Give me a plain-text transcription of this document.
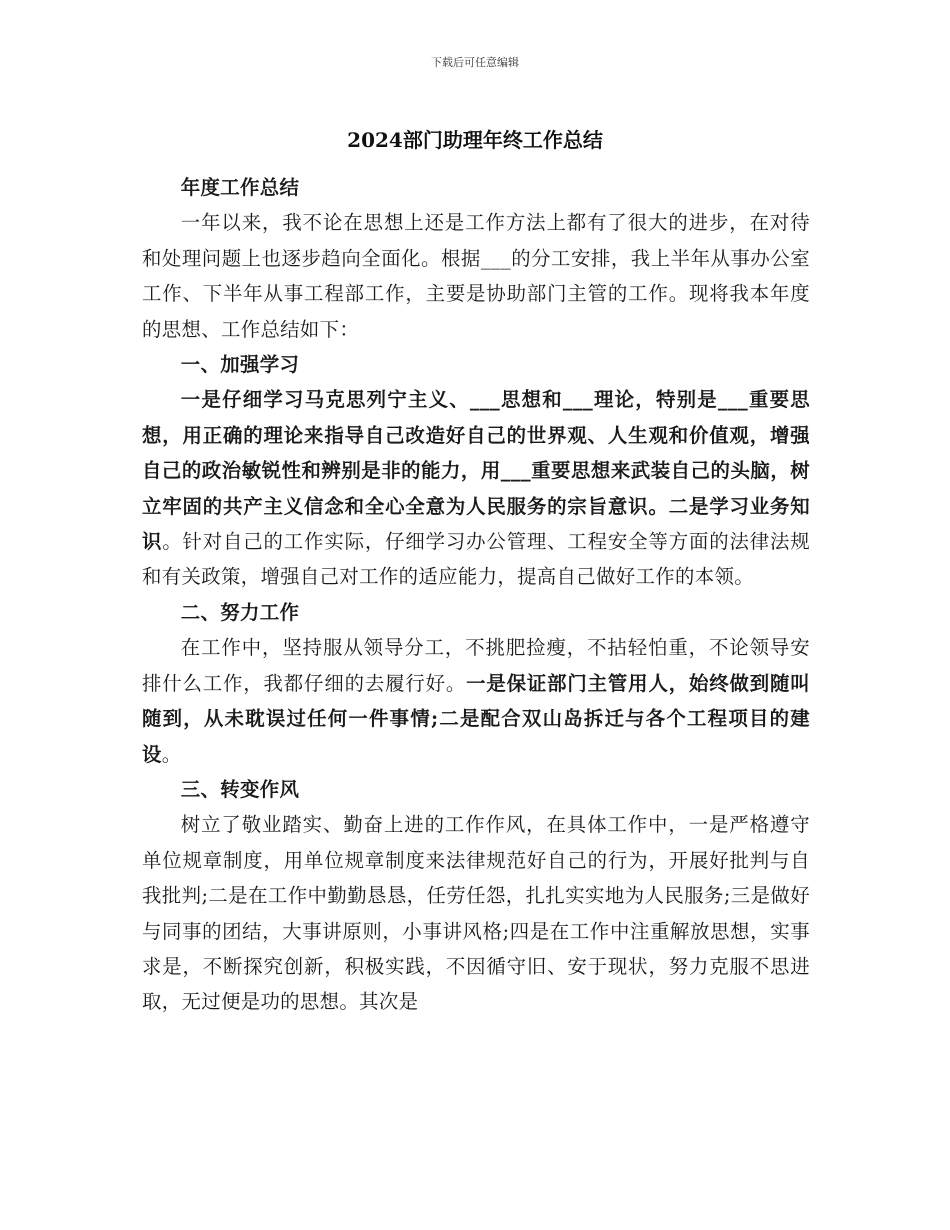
下载后可任意编辑
2024部门助理年终工作总结

年度工作总结

一年以来，我不论在思想上还是工作方法上都有了很大的进步，在对待和处理问题上也逐步趋向全面化。根据___的分工安排，我上半年从事办公室工作、下半年从事工程部工作，主要是协助部门主管的工作。现将我本年度的思想、工作总结如下：

一、加强学习

一是仔细学习马克思列宁主义、___思想和___理论，特别是___重要思想，用正确的理论来指导自己改造好自己的世界观、人生观和价值观，增强自己的政治敏锐性和辨别是非的能力，用___重要思想来武装自己的头脑，树立牢固的共产主义信念和全心全意为人民服务的宗旨意识。二是学习业务知识。针对自己的工作实际，仔细学习办公管理、工程安全等方面的法律法规和有关政策，增强自己对工作的适应能力，提高自己做好工作的本领。

二、努力工作

在工作中，坚持服从领导分工，不挑肥捡瘦，不拈轻怕重，不论领导安排什么工作，我都仔细的去履行好。一是保证部门主管用人，始终做到随叫随到，从未耽误过任何一件事情;二是配合双山岛拆迁与各个工程项目的建设。

三、转变作风

树立了敬业踏实、勤奋上进的工作作风，在具体工作中，一是严格遵守单位规章制度，用单位规章制度来法律规范好自己的行为，开展好批判与自我批判;二是在工作中勤勤恳恳，任劳任怨，扎扎实实地为人民服务;三是做好与同事的团结，大事讲原则，小事讲风格;四是在工作中注重解放思想，实事求是，不断探究创新，积极实践，不因循守旧、安于现状，努力克服不思进取，无过便是功的思想。其次是
